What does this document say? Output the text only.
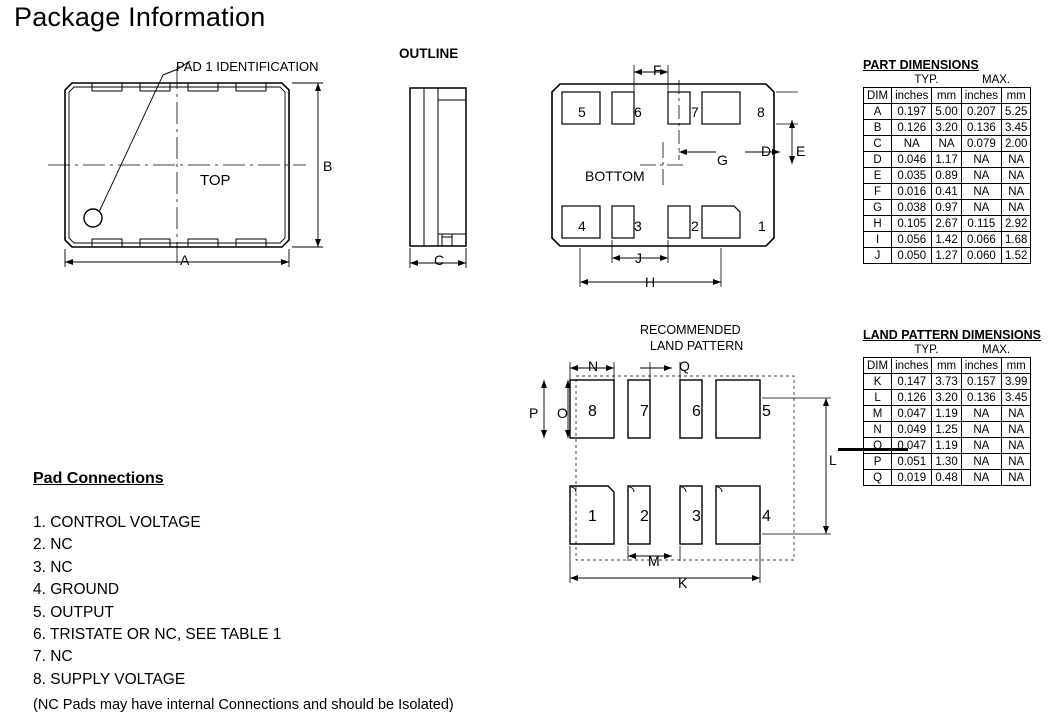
Package Information
PAD 1 IDENTIFICATION
TOP
A
B
OUTLINE
C
BOTTOM
5	6	7	8
4	3	2	1
F
G
D E
J
H
RECOMMENDED
LAND PATTERN
8	7	6	5
1	2	3	4
N	Q
P O
L
M
K
PART DIMENSIONS
	TYP.		MAX.	
DIM	inches	mm	inches	mm
A	0.197	5.00	0.207	5.25
B	0.126	3.20	0.136	3.45
C	NA	NA	0.079	2.00
D	0.046	1.17	NA	NA
E	0.035	0.89	NA	NA
F	0.016	0.41	NA	NA
G	0.038	0.97	NA	NA
H	0.105	2.67	0.115	2.92
I	0.056	1.42	0.066	1.68
J	0.050	1.27	0.060	1.52
LAND PATTERN DIMENSIONS
	TYP.		MAX.	
DIM	inches	mm	inches	mm
K	0.147	3.73	0.157	3.99
L	0.126	3.20	0.136	3.45
M	0.047	1.19	NA	NA
N	0.049	1.25	NA	NA
O	0.047	1.19	NA	NA
P	0.051	1.30	NA	NA
Q	0.019	0.48	NA	NA
Pad Connections
1. CONTROL VOLTAGE
2. NC
3. NC
4. GROUND
5. OUTPUT
6. TRISTATE OR NC, SEE TABLE 1
7. NC
8. SUPPLY VOLTAGE
(NC Pads may have internal Connections and should be Isolated)
